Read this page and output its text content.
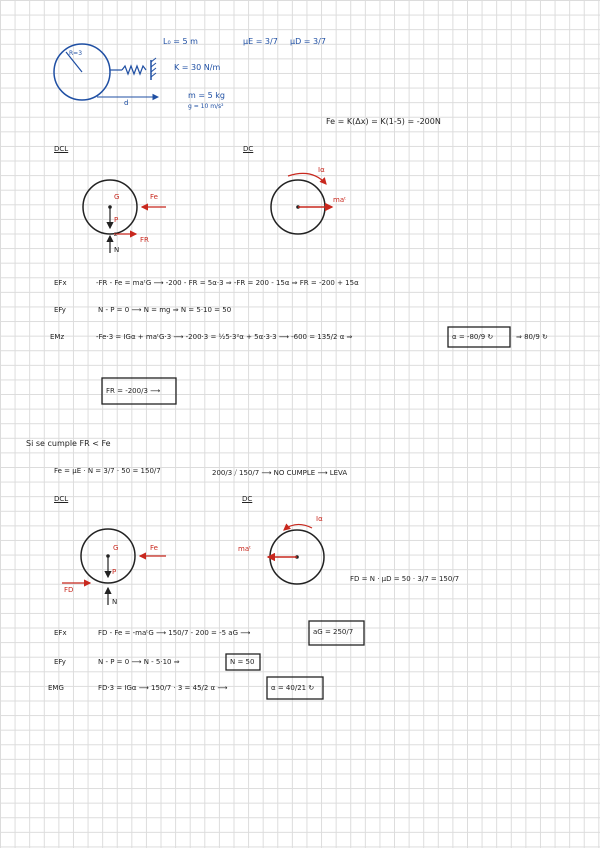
R=3
L₀ = 5 m	μE = 3/7 μD = 3/7
K = 30 N/m
d
m = 5 kg
g = 10 m/s²
Fe = K(Δx) = K(1-5) = -200N
DCL	DC
G
P
z
N
Fe
FR
Iα
maᵗ
EFx	-FR - Fe = maᵗG ⟶ -200 - FR = 5α·3 ⇒ -FR = 200 - 15α ⇒ FR = -200 + 15α
EFy	N - P = 0 ⟶ N = mg ⇒ N = 5·10 = 50
EMz	-Fe·3 = IGα + maᵗG·3 ⟶ -200·3 = ½5·3²α + 5α·3·3 ⟶ -600 = 135/2 α ⇒	α = -80/9 ↻	⇒ 80/9 ↻
FR = -200/3 ⟶
Si se cumple FR < Fe
Fe = μE · N = 3/7 · 50 = 150/7	200/3 ⧸ 150/7 ⟶ NO CUMPLE ⟶ LEVA
DCL	DC
G
P
N
Fe
FD
Iα
maᵗ
FD = N · μD = 50 · 3/7 = 150/7
EFx	FD - Fe = -maᵗG ⟶ 150/7 - 200 = -5 aG ⟶	aG = 250/7
EFy	N - P = 0 ⟶ N - 5·10 ⇒	N = 50
EMG	FD·3 = IGα ⟶ 150/7 · 3 = 45/2 α ⟶	α = 40/21 ↻
